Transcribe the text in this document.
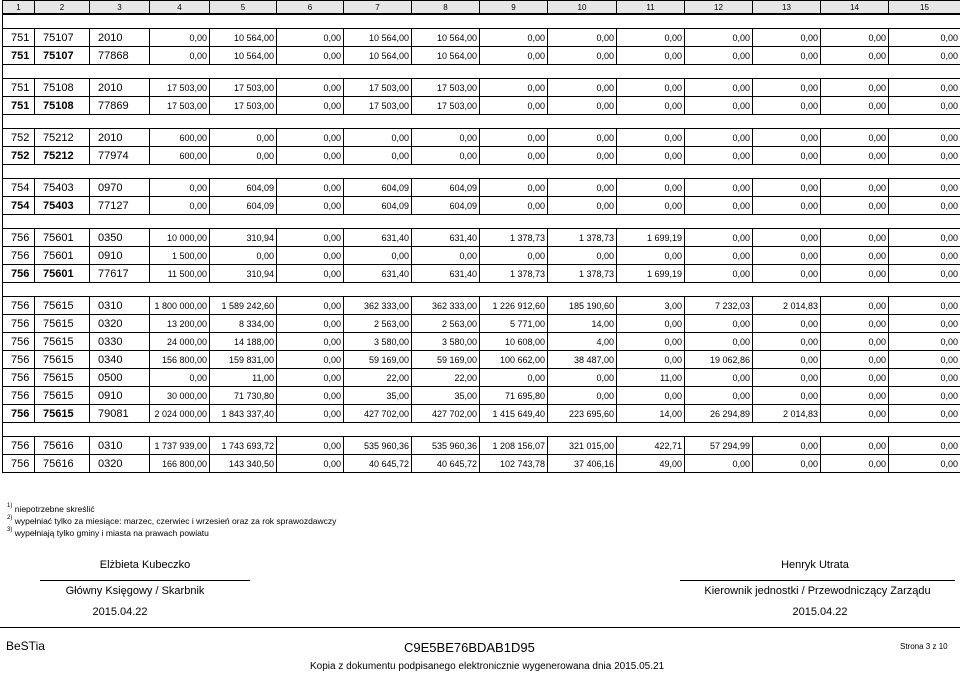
1	2	3	4	5	6	7	8	9	10	11	12	13	14	15

751	75107	2010	0,00	10 564,00	0,00	10 564,00	10 564,00	0,00	0,00	0,00	0,00	0,00	0,00	0,00
751	75107	77868	0,00	10 564,00	0,00	10 564,00	10 564,00	0,00	0,00	0,00	0,00	0,00	0,00	0,00

751	75108	2010	17 503,00	17 503,00	0,00	17 503,00	17 503,00	0,00	0,00	0,00	0,00	0,00	0,00	0,00
751	75108	77869	17 503,00	17 503,00	0,00	17 503,00	17 503,00	0,00	0,00	0,00	0,00	0,00	0,00	0,00

752	75212	2010	600,00	0,00	0,00	0,00	0,00	0,00	0,00	0,00	0,00	0,00	0,00	0,00
752	75212	77974	600,00	0,00	0,00	0,00	0,00	0,00	0,00	0,00	0,00	0,00	0,00	0,00

754	75403	0970	0,00	604,09	0,00	604,09	604,09	0,00	0,00	0,00	0,00	0,00	0,00	0,00
754	75403	77127	0,00	604,09	0,00	604,09	604,09	0,00	0,00	0,00	0,00	0,00	0,00	0,00

756	75601	0350	10 000,00	310,94	0,00	631,40	631,40	1 378,73	1 378,73	1 699,19	0,00	0,00	0,00	0,00
756	75601	0910	1 500,00	0,00	0,00	0,00	0,00	0,00	0,00	0,00	0,00	0,00	0,00	0,00
756	75601	77617	11 500,00	310,94	0,00	631,40	631,40	1 378,73	1 378,73	1 699,19	0,00	0,00	0,00	0,00

756	75615	0310	1 800 000,00	1 589 242,60	0,00	362 333,00	362 333,00	1 226 912,60	185 190,60	3,00	7 232,03	2 014,83	0,00	0,00
756	75615	0320	13 200,00	8 334,00	0,00	2 563,00	2 563,00	5 771,00	14,00	0,00	0,00	0,00	0,00	0,00
756	75615	0330	24 000,00	14 188,00	0,00	3 580,00	3 580,00	10 608,00	4,00	0,00	0,00	0,00	0,00	0,00
756	75615	0340	156 800,00	159 831,00	0,00	59 169,00	59 169,00	100 662,00	38 487,00	0,00	19 062,86	0,00	0,00	0,00
756	75615	0500	0,00	11,00	0,00	22,00	22,00	0,00	0,00	11,00	0,00	0,00	0,00	0,00
756	75615	0910	30 000,00	71 730,80	0,00	35,00	35,00	71 695,80	0,00	0,00	0,00	0,00	0,00	0,00
756	75615	79081	2 024 000,00	1 843 337,40	0,00	427 702,00	427 702,00	1 415 649,40	223 695,60	14,00	26 294,89	2 014,83	0,00	0,00

756	75616	0310	1 737 939,00	1 743 693,72	0,00	535 960,36	535 960,36	1 208 156,07	321 015,00	422,71	57 294,99	0,00	0,00	0,00
756	75616	0320	166 800,00	143 340,50	0,00	40 645,72	40 645,72	102 743,78	37 406,16	49,00	0,00	0,00	0,00	0,00
$^{1)}$ niepotrzebne skreślić
$^{2)}$ wypełniać tylko za miesiące: marzec, czerwiec i wrzesień oraz za rok sprawozdawczy
$^{3)}$ wypełniają tylko gminy i miasta na prawach powiatu
Elżbieta Kubeczko
Główny Księgowy / Skarbnik
2015.04.22
Henryk Utrata
Kierownik jednostki / Przewodniczący Zarządu
2015.04.22
BeSTia	C9E5BE76BDAB1D95	Strona 3 z 10
Kopia z dokumentu podpisanego elektronicznie wygenerowana dnia 2015.05.21
